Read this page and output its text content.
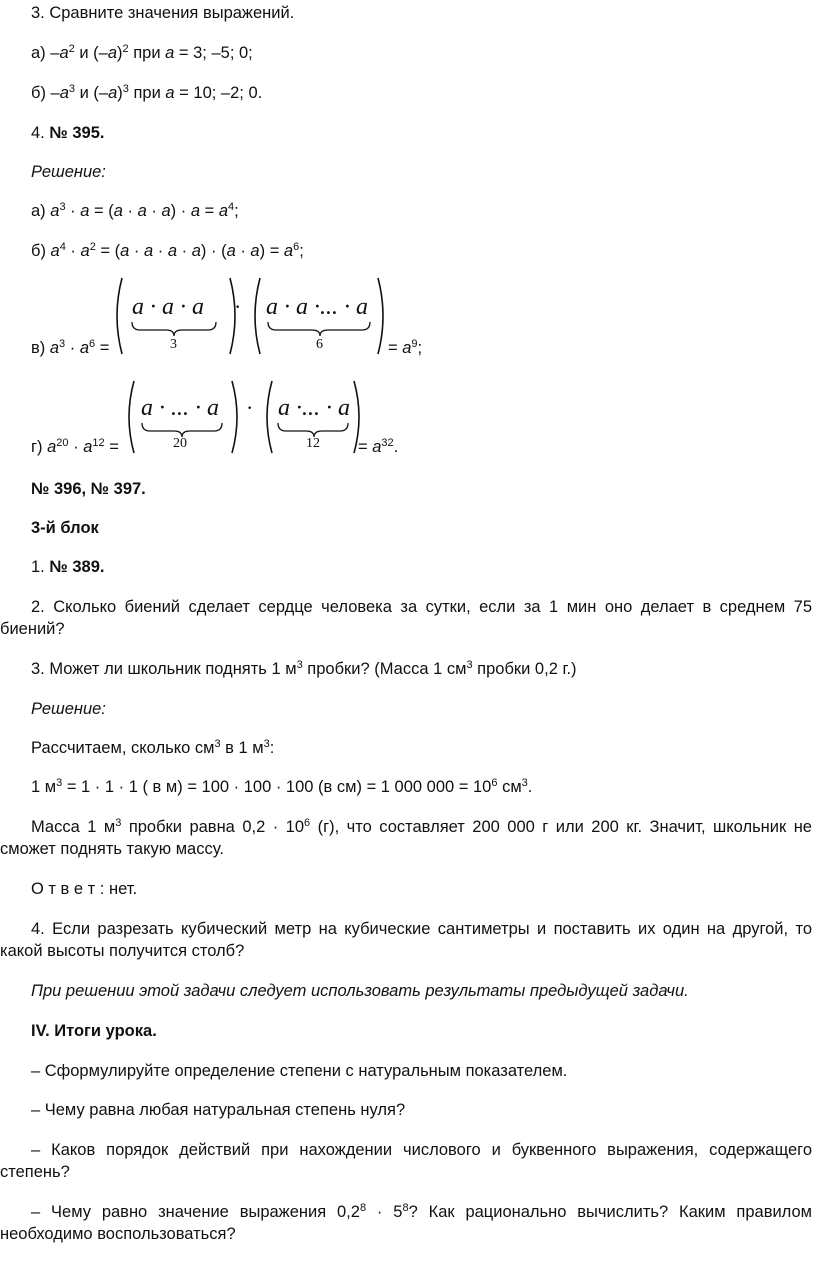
3. Сравните значения выражений.

а) $-a^2$ и $(-a)^2$ при a = 3; –5; 0;

б) $-a^3$ и $(-a)^3$ при a = 10; –2; 0.

4. № 395.

Решение:

а) $a^3 \cdot a = (a \cdot a \cdot a) \cdot a = a^4$;

б) $a^4 \cdot a^2 = (a \cdot a \cdot a \cdot a) \cdot (a \cdot a) = a^6$;

в) $a^3 \cdot a^6$ =	= $a^9$;

a · a · a
3
· a · a ·... · a
6

г) $a^{20} \cdot a^{12}$ =	= $a^{32}$.

a · ... · a
20
· a ·... · a
12

№ 396, № 397.

3-й блок

1. № 389.

2. Сколько биений сделает сердце человека за сутки, если за 1 мин оно делает в среднем 75 биений?

3. Может ли школьник поднять 1 $м^3$ пробки? (Масса 1 $см^3$ пробки 0,2 г.)

Решение:

Рассчитаем, сколько $см^3$ в 1 $м^3$:

1 $м^3 = 1 \cdot 1 \cdot 1$ ( в м) = 100 · 100 · 100 (в см) = 1 000 $000 = 10^6$ $см^3$.

Масса 1 $м^3$ пробки равна $0,2 \cdot 10^6$ (г), что составляет 200 000 г или 200 кг. Значит, школьник не сможет поднять такую массу.

О т в е т : нет.

4. Если разрезать кубический метр на кубические сантиметры и поставить их один на другой, то какой высоты получится столб?

При решении этой задачи следует использовать результаты предыдущей задачи.

IV. Итоги урока.

– Сформулируйте определение степени с натуральным показателем.

– Чему равна любая натуральная степень нуля?

– Каков порядок действий при нахождении числового и буквенного выражения, содержащего степень?

– Чему равно значение выражения $0,2^8 \cdot 5^8$? Как рационально вычислить? Каким правилом необходимо воспользоваться?
